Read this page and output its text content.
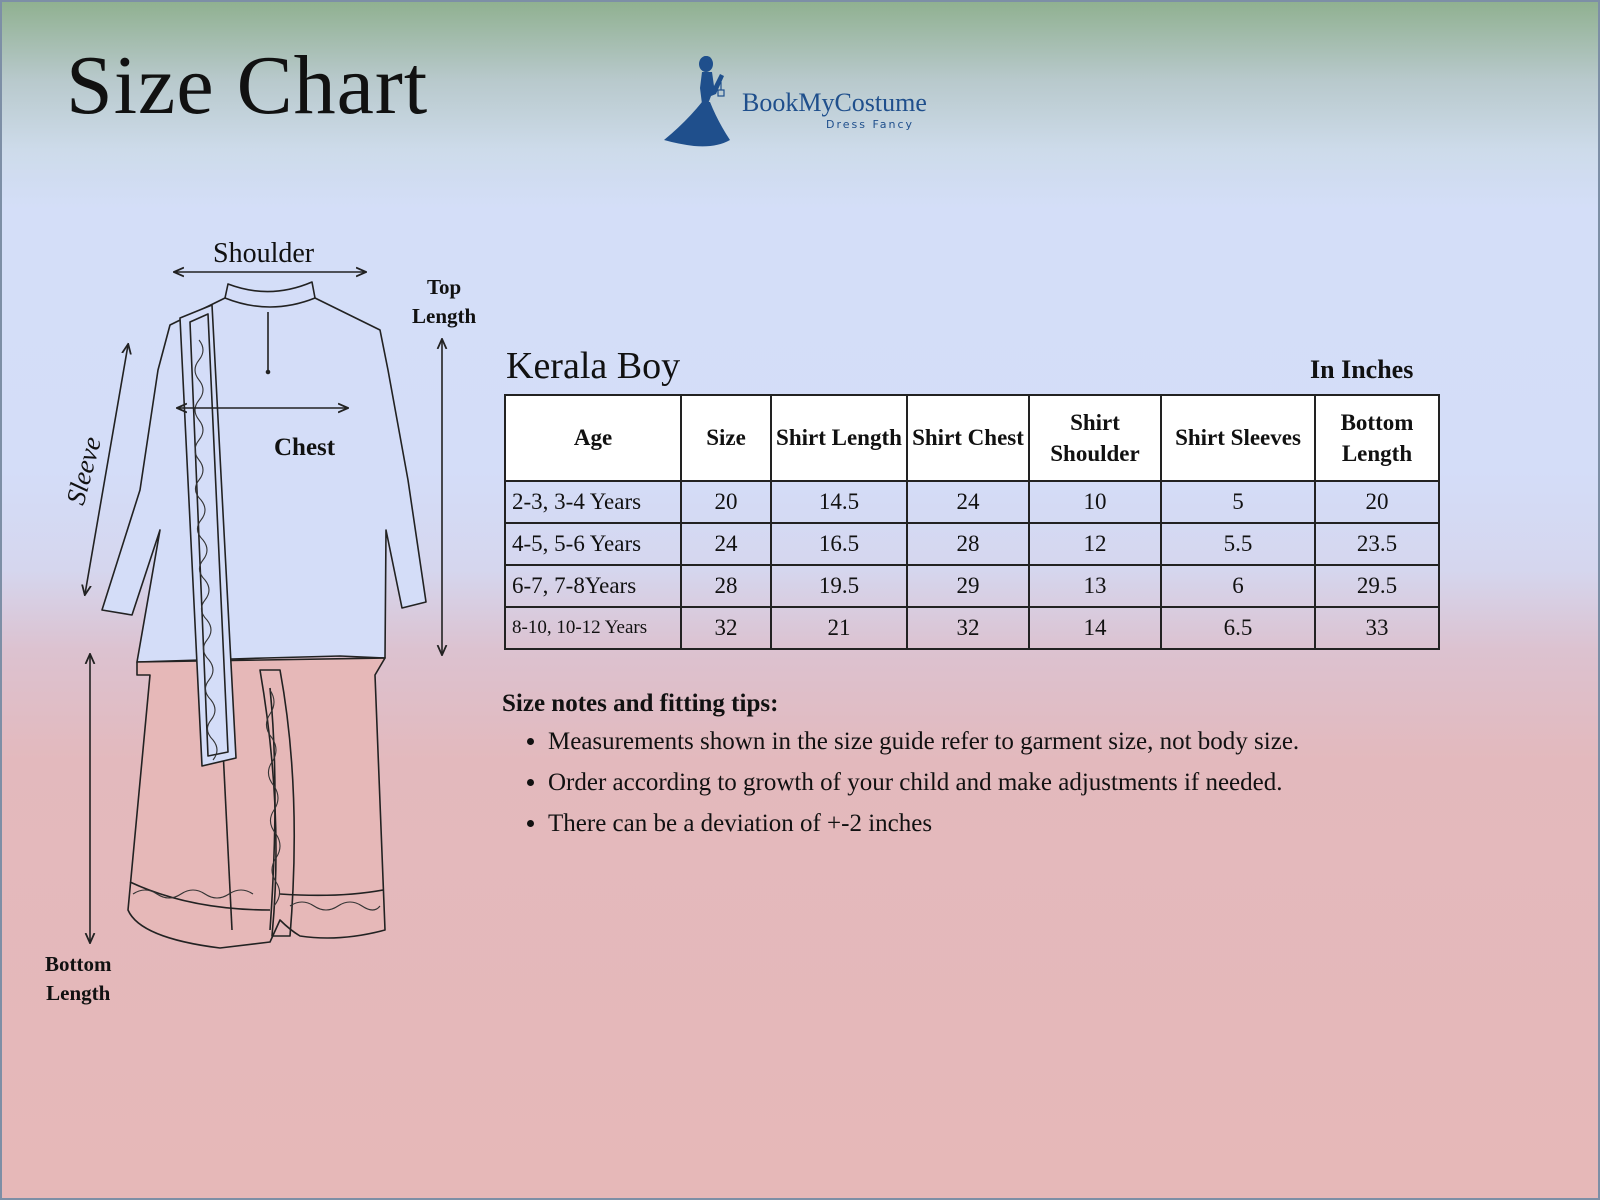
Size Chart	BookMyCostume
Dress Fancy
Shoulder
Chest
Sleeve
Top
Length
Bottom
Length
Kerala Boy	In Inches
Age	Size	Shirt Length	Shirt Chest	Shirt Shoulder	Shirt Sleeves	Bottom Length
2-3, 3-4 Years	20	14.5	24	10	5	20
4-5, 5-6 Years	24	16.5	28	12	5.5	23.5
6-7, 7-8Years	28	19.5	29	13	6	29.5
8-10, 10-12 Years	32	21	32	14	6.5	33
Size notes and fitting tips:
• Measurements shown in the size guide refer to garment size, not body size.
• Order according to growth of your child and make adjustments if needed.
• There can be a deviation of +-2 inches
